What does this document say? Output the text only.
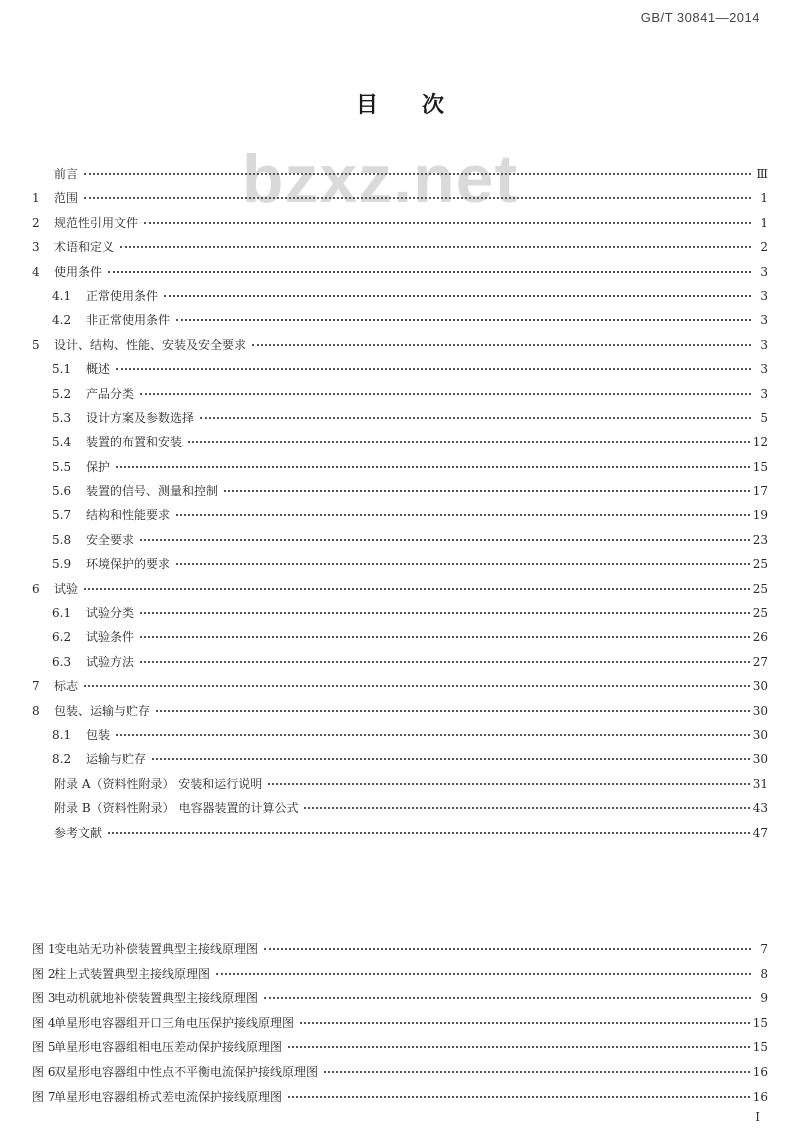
GB/T 30841—2014
bzxz.net
目次
前言	Ⅲ
1 范围	1
2 规范性引用文件	1
3 术语和定义	2
4 使用条件	3
4.1 正常使用条件	3
4.2 非正常使用条件	3
5 设计、结构、性能、安装及安全要求	3
5.1 概述	3
5.2 产品分类	3
5.3 设计方案及参数选择	5
5.4 装置的布置和安装	12
5.5 保护	15
5.6 装置的信号、测量和控制	17
5.7 结构和性能要求	19
5.8 安全要求	23
5.9 环境保护的要求	25
6 试验	25
6.1 试验分类	25
6.2 试验条件	26
6.3 试验方法	27
7 标志	30
8 包装、运输与贮存	30
8.1 包装	30
8.2 运输与贮存	30
附录 A（资料性附录） 安装和运行说明	31
附录 B（资料性附录） 电容器装置的计算公式	43
参考文献	47
图 1变电站无功补偿装置典型主接线原理图	7
图 2柱上式装置典型主接线原理图	8
图 3电动机就地补偿装置典型主接线原理图	9
图 4单星形电容器组开口三角电压保护接线原理图	15
图 5单星形电容器组相电压差动保护接线原理图	15
图 6双星形电容器组中性点不平衡电流保护接线原理图	16
图 7单星形电容器组桥式差电流保护接线原理图	16
I
